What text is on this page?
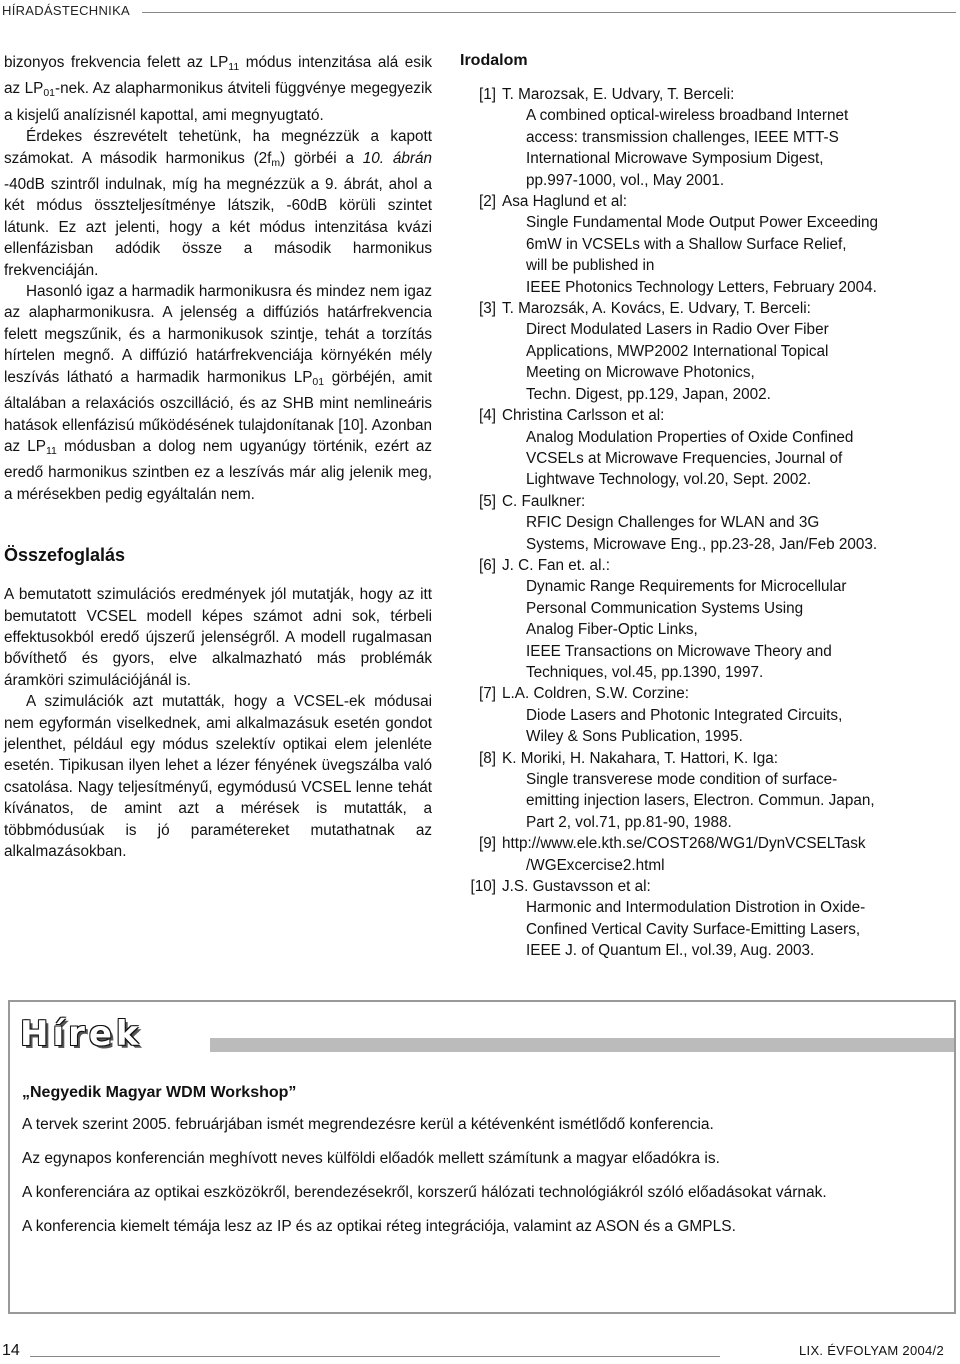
HÍRADÁSTECHNIKA

bizonyos frekvencia felett az $LP_{11}$ módus intenzitása alá esik az $LP_{01}$-nek. Az alapharmonikus átviteli függvénye megegyezik a kisjelű analízisnél kapottal, ami megnyugtató.

Érdekes észrevételt tehetünk, ha megnézzük a kapott számokat. A második harmonikus $(2f_m)$ görbéi a 10. ábrán -40dB szintről indulnak, míg ha megnézzük a 9. ábrát, ahol a két módus összteljesítménye látszik, -60dB körüli szintet látunk. Ez azt jelenti, hogy a két módus intenzitása kvázi ellenfázisban adódik össze a második harmonikus frekvenciáján.

Hasonló igaz a harmadik harmonikusra és mindez nem igaz az alapharmonikusra. A jelenség a diffúziós határfrekvencia felett megszűnik, és a harmonikusok szintje, tehát a torzítás hírtelen megnő. A diffúzió határfrekvenciája környékén mély leszívás látható a harmadik harmonikus $LP_{01}$ görbéjén, amit általában a relaxációs oszcilláció, és az SHB mint nemlineáris hatások ellenfázisú működésének tulajdonítanak [10]. Azonban az $LP_{11}$ módusban a dolog nem ugyanúgy történik, ezért az eredő harmonikus szintben ez a leszívás már alig jelenik meg, a mérésekben pedig egyáltalán nem.

Összefoglalás

A bemutatott szimulációs eredmények jól mutatják, hogy az itt bemutatott VCSEL modell képes számot adni sok, térbeli effektusokból eredő újszerű jelenségről. A modell rugalmasan bővíthető és gyors, elve alkalmazható más problémák áramköri szimulációjánál is.

A szimulációk azt mutatták, hogy a VCSEL-ek módusai nem egyformán viselkednek, ami alkalmazásuk esetén gondot jelenthet, például egy módus szelektív optikai elem jelenléte esetén. Tipikusan ilyen lehet a lézer fényének üvegszálba való csatolása. Nagy teljesítményű, egymódusú VCSEL lenne tehát kívánatos, de amint azt a mérések is mutatták, a többmódusúak is jó paramétereket mutathatnak az alkalmazásokban.

Irodalom
[1] T. Marozsak, E. Udvary, T. Berceli:
A combined optical-wireless broadband Internet
access: transmission challenges, IEEE MTT-S
International Microwave Symposium Digest,
pp.997-1000, vol., May 2001.
[2] Asa Haglund et al:
Single Fundamental Mode Output Power Exceeding
6mW in VCSELs with a Shallow Surface Relief,
will be published in
IEEE Photonics Technology Letters, February 2004.
[3] T. Marozsák, A. Kovács, E. Udvary, T. Berceli:
Direct Modulated Lasers in Radio Over Fiber
Applications, MWP2002 International Topical
Meeting on Microwave Photonics,
Techn. Digest, pp.129, Japan, 2002.
[4] Christina Carlsson et al:
Analog Modulation Properties of Oxide Confined
VCSELs at Microwave Frequencies, Journal of
Lightwave Technology, vol.20, Sept. 2002.
[5] C. Faulkner:
RFIC Design Challenges for WLAN and 3G
Systems, Microwave Eng., pp.23-28, Jan/Feb 2003.
[6] J. C. Fan et. al.:
Dynamic Range Requirements for Microcellular
Personal Communication Systems Using
Analog Fiber-Optic Links,
IEEE Transactions on Microwave Theory and
Techniques, vol.45, pp.1390, 1997.
[7] L.A. Coldren, S.W. Corzine:
Diode Lasers and Photonic Integrated Circuits,
Wiley & Sons Publication, 1995.
[8] K. Moriki, H. Nakahara, T. Hattori, K. Iga:
Single transverese mode condition of surface-
emitting injection lasers, Electron. Commun. Japan,
Part 2, vol.71, pp.81-90, 1988.
[9] http://www.ele.kth.se/COST268/WG1/DynVCSELTask
/WGExcercise2.html
[10] J.S. Gustavsson et al:
Harmonic and Intermodulation Distrotion in Oxide-
Confined Vertical Cavity Surface-Emitting Lasers,
IEEE J. of Quantum El., vol.39, Aug. 2003.
Hírek
„Negyedik Magyar WDM Workshop”

A tervek szerint 2005. februárjában ismét megrendezésre kerül a kétévenként ismétlődő konferencia.

Az egynapos konferencián meghívott neves külföldi előadók mellett számítunk a magyar előadókra is.

A konferenciára az optikai eszközökről, berendezésekről, korszerű hálózati technológiákról szóló előadásokat várnak.

A konferencia kiemelt témája lesz az IP és az optikai réteg integrációja, valamint az ASON és a GMPLS.

14	LIX. ÉVFOLYAM 2004/2
